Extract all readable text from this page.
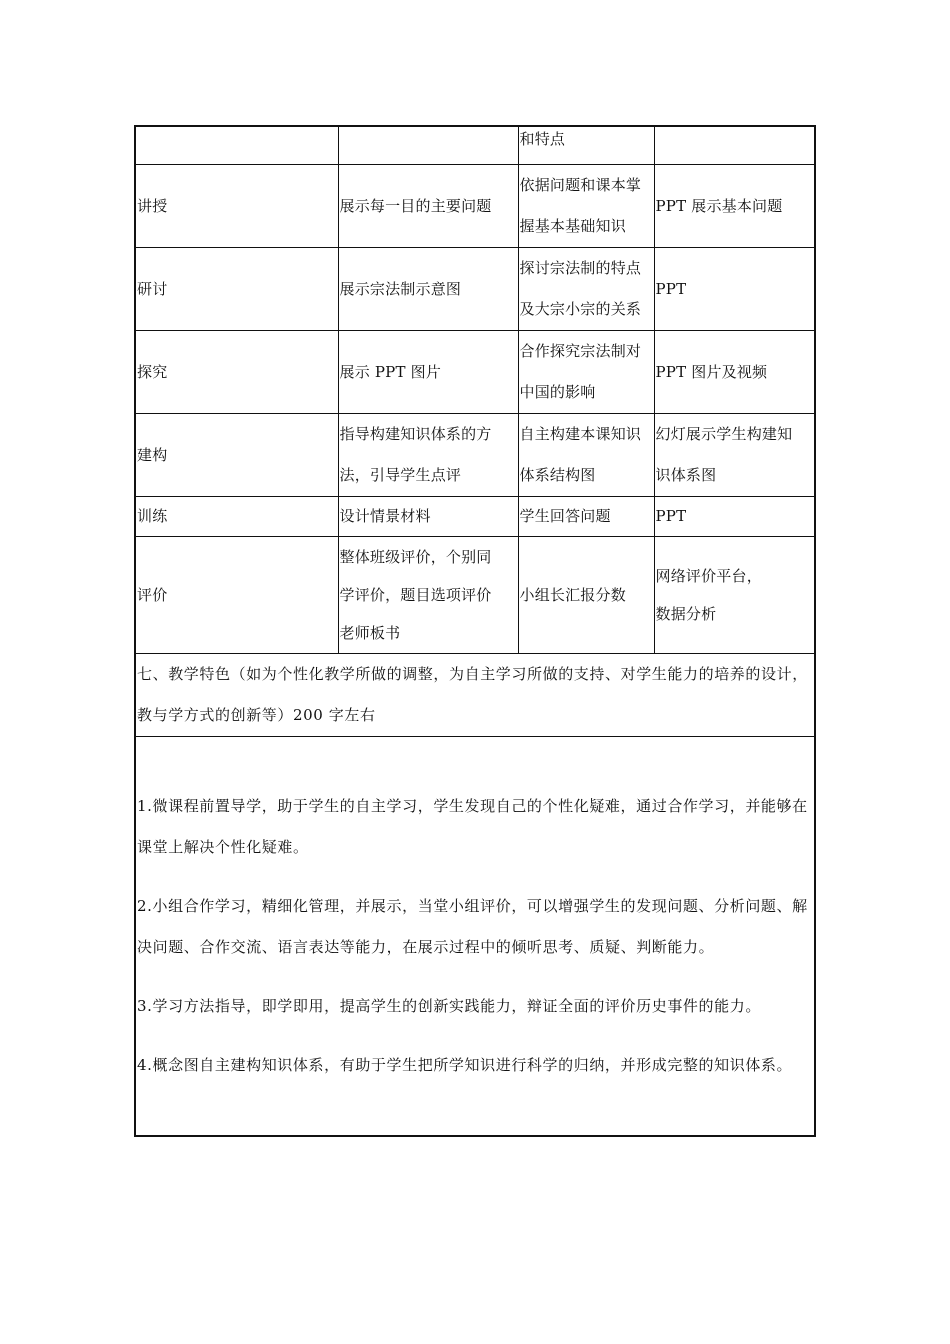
		和特点	

讲授	展示每一目的主要问题	依据问题和课本掌
握基本基础知识	PPT 展示基本问题

研讨	展示宗法制示意图	探讨宗法制的特点
及大宗小宗的关系	PPT

探究	展示 PPT 图片	合作探究宗法制对
中国的影响	PPT 图片及视频

建构	指导构建知识体系的方
法，引导学生点评	自主构建本课知识
体系结构图	幻灯展示学生构建知
识体系图

训练	设计情景材料	学生回答问题	PPT

评价	整体班级评价，个别同
学评价，题目选项评价
老师板书	小组长汇报分数	网络评价平台，
数据分析

七、教学特色（如为个性化教学所做的调整，为自主学习所做的支持、对学生能力的培养的设计，教与学方式的创新等）200 字左右			

1.微课程前置导学，助于学生的自主学习，学生发现自己的个性化疑难，通过合作学习，并能够在课堂上解决个性化疑难。
2.小组合作学习，精细化管理，并展示，当堂小组评价，可以增强学生的发现问题、分析问题、解决问题、合作交流、语言表达等能力，在展示过程中的倾听思考、质疑、判断能力。
3.学习方法指导，即学即用，提高学生的创新实践能力，辩证全面的评价历史事件的能力。
4.概念图自主建构知识体系，有助于学生把所学知识进行科学的归纳，并形成完整的知识体系。			
